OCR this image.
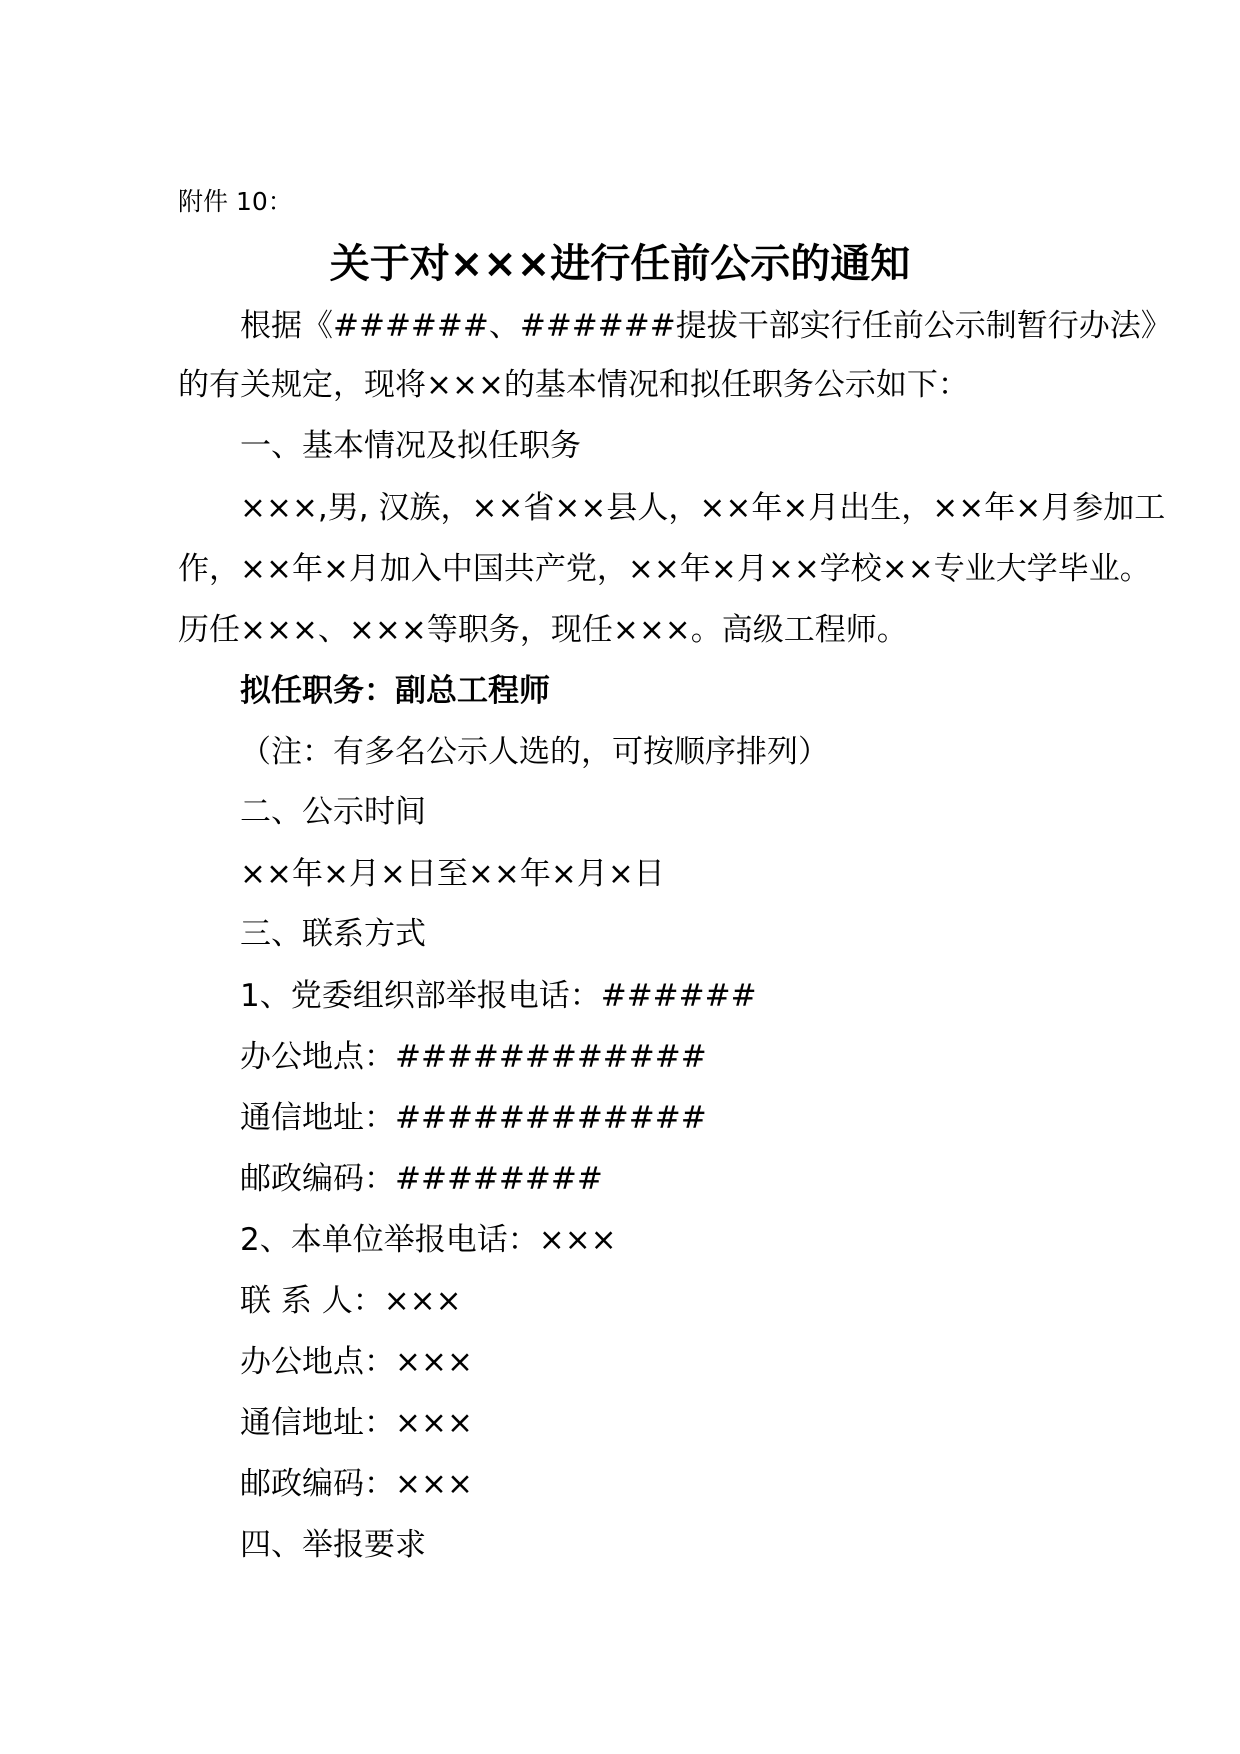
附件 10：
关于对×××进行任前公示的通知
根据《######、######提拔干部实行任前公示制暂行办法》
的有关规定，现将×××的基本情况和拟任职务公示如下：
一、基本情况及拟任职务
×××,男, 汉族，××省××县人，××年×月出生，××年×月参加工
作，××年×月加入中国共产党，××年×月××学校××专业大学毕业。
历任×××、×××等职务，现任×××。高级工程师。
拟任职务：副总工程师
（注：有多名公示人选的，可按顺序排列）
二、公示时间
××年×月×日至××年×月×日
三、联系方式
1、党委组织部举报电话：######
办公地点：############
通信地址：############
邮政编码：########
2、本单位举报电话：×××
联 系 人：×××
办公地点：×××
通信地址：×××
邮政编码：×××
四、举报要求
